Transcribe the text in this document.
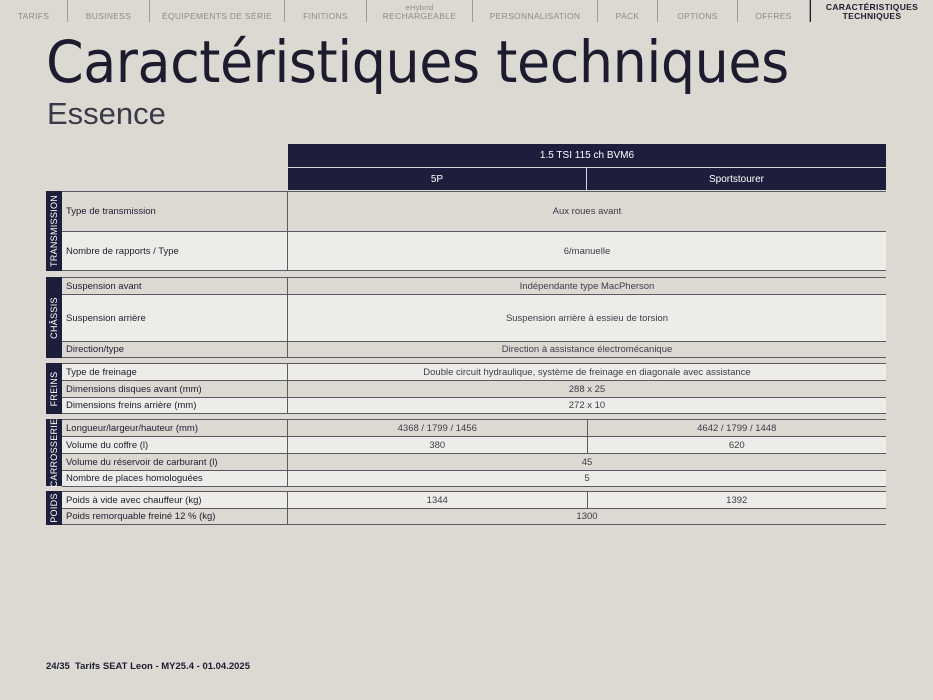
TARIFS	BUSINESS	ÉQUIPEMENTS DE SÉRIE	FINITIONS
eHybrid
RECHARGEABLE	PERSONNALISATION	PACK	OPTIONS	OFFRES
CARACTÉRISTIQUES
TECHNIQUES
Caractéristiques techniques
Essence
1.5 TSI 115 ch BVM6
5P	Sportstourer
TRANSMISSION Type de transmission	Aux roues avant
Nombre de rapports / Type	6/manuelle
CHÂSSIS
Suspension avant	Indépendante type MacPherson
Suspension arrière	Suspension arrière à essieu de torsion
Direction/type	Direction à assistance électromécanique
FREINS Type de freinage	Double circuit hydraulique, système de freinage en diagonale avec assistance
Dimensions disques avant (mm)	288 x 25
Dimensions freins arrière (mm)	272 x 10
CARROSSERIE Longueur/largeur/hauteur (mm)	4368 / 1799 / 1456	4642 / 1799 / 1448
Volume du coffre (l)	380	620
Volume du réservoir de carburant (l)	45
Nombre de places homologuées	5
POIDS Poids à vide avec chauffeur (kg)	1344	1392
Poids remorquable freiné 12 % (kg)	1300
24/35  Tarifs SEAT Leon - MY25.4 - 01.04.2025
